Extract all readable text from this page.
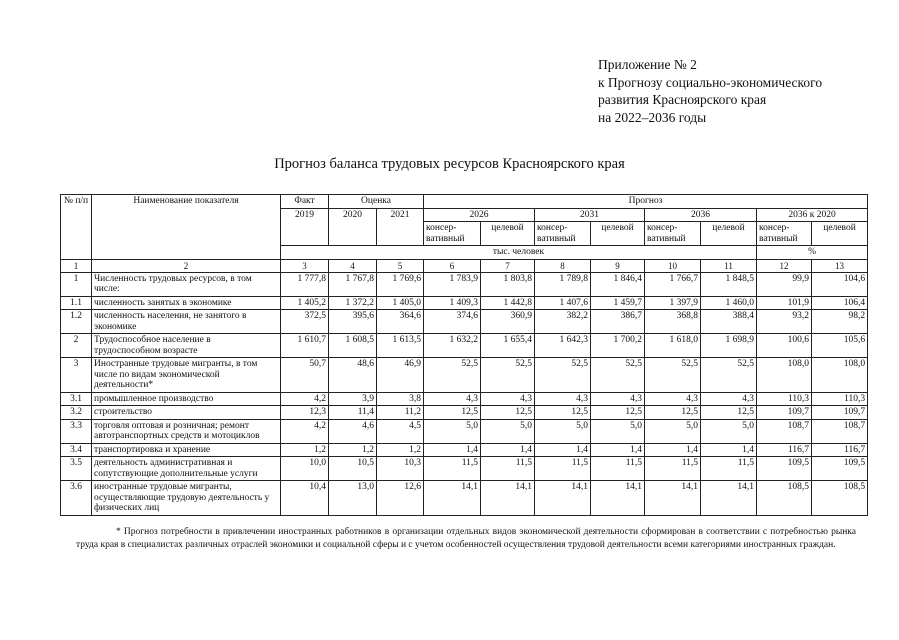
Приложение № 2
к Прогнозу социально-экономического
развития Красноярского края
на 2022–2036 годы
Прогноз баланса трудовых ресурсов Красноярского края
№ п/п	Наименование показателя	Факт	Оценка		Прогноз							
		2019	2020	2021	2026		2031		2036		2036 к 2020	
					консер-вативный	целевой	консер-вативный	целевой	консер-вативный	целевой	консер-вативный	целевой
		тыс. человек									%	
1	2	3	4	5	6	7	8	9	10	11	12	13
1	Численность трудовых ресурсов, в том числе:	1 777,8	1 767,8	1 769,6	1 783,9	1 803,8	1 789,8	1 846,4	1 766,7	1 848,5	99,9	104,6
1.1	численность занятых в экономике	1 405,2	1 372,2	1 405,0	1 409,3	1 442,8	1 407,6	1 459,7	1 397,9	1 460,0	101,9	106,4
1.2	численность населения, не занятого в экономике	372,5	395,6	364,6	374,6	360,9	382,2	386,7	368,8	388,4	93,2	98,2
2	Трудоспособное население в трудоспособном возрасте	1 610,7	1 608,5	1 613,5	1 632,2	1 655,4	1 642,3	1 700,2	1 618,0	1 698,9	100,6	105,6
3	Иностранные трудовые мигранты, в том числе по видам экономической деятельности*	50,7	48,6	46,9	52,5	52,5	52,5	52,5	52,5	52,5	108,0	108,0
3.1	промышленное производство	4,2	3,9	3,8	4,3	4,3	4,3	4,3	4,3	4,3	110,3	110,3
3.2	строительство	12,3	11,4	11,2	12,5	12,5	12,5	12,5	12,5	12,5	109,7	109,7
3.3	торговля оптовая и розничная; ремонт автотранспортных средств и мотоциклов	4,2	4,6	4,5	5,0	5,0	5,0	5,0	5,0	5,0	108,7	108,7
3.4	транспортировка и хранение	1,2	1,2	1,2	1,4	1,4	1,4	1,4	1,4	1,4	116,7	116,7
3.5	деятельность административная и сопутствующие дополнительные услуги	10,0	10,5	10,3	11,5	11,5	11,5	11,5	11,5	11,5	109,5	109,5
3.6	иностранные трудовые мигранты, осуществляющие трудовую деятельность у физических лиц	10,4	13,0	12,6	14,1	14,1	14,1	14,1	14,1	14,1	108,5	108,5
* Прогноз потребности в привлечении иностранных работников в организации отдельных видов экономической деятельности сформирован в соответствии с потребностью рынка труда края в специалистах различных отраслей экономики и социальной сферы и с учетом особенностей осуществления трудовой деятельности всеми категориями иностранных граждан.
